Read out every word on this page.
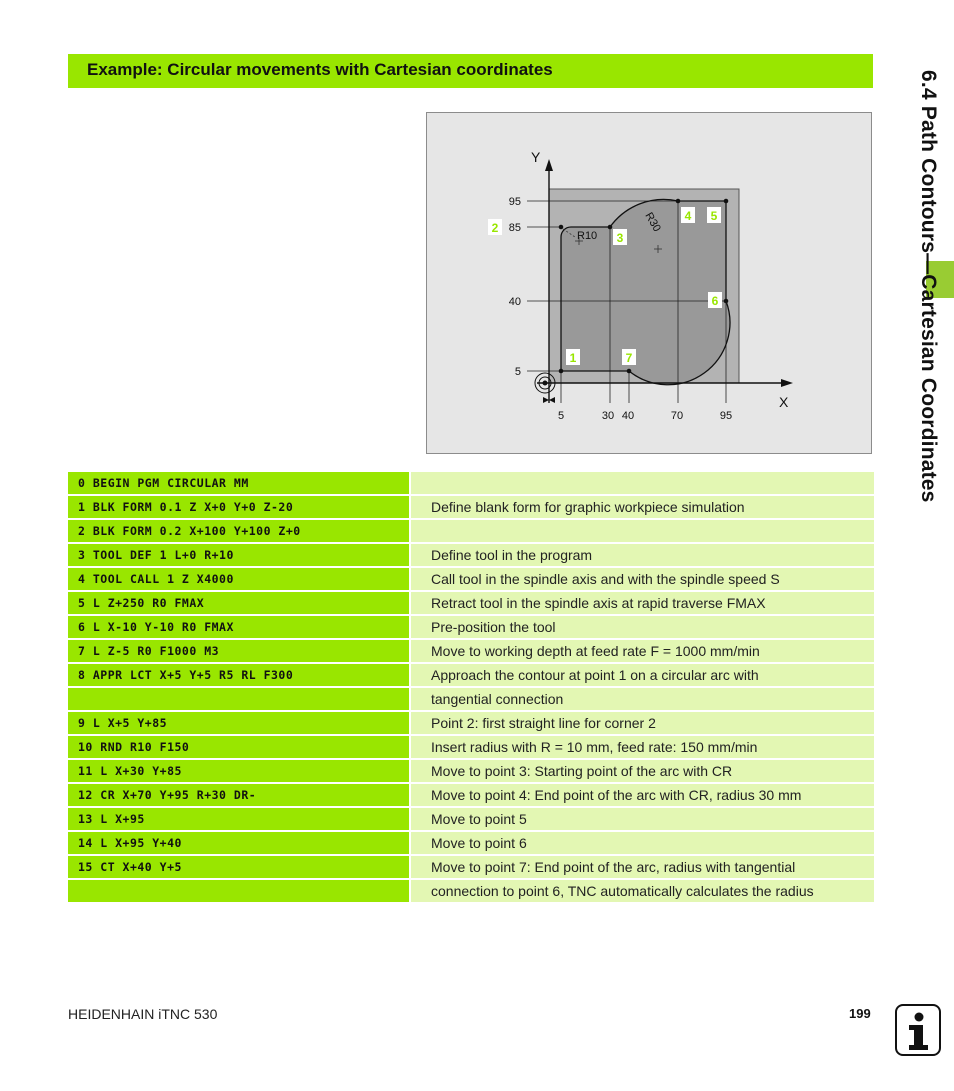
Example: Circular movements with Cartesian coordinates
Y
X
95
85
40
5
5	30 40	70	95
R10
R30
1
2
3
4 5
6
7
0 BEGIN PGM CIRCULAR MM
1 BLK FORM 0.1 Z X+0 Y+0 Z-20	Define blank form for graphic workpiece simulation
2 BLK FORM 0.2 X+100 Y+100 Z+0
3 TOOL DEF 1 L+0 R+10	Define tool in the program
4 TOOL CALL 1 Z X4000	Call tool in the spindle axis and with the spindle speed S
5 L Z+250 R0 FMAX	Retract tool in the spindle axis at rapid traverse FMAX
6 L X-10 Y-10 R0 FMAX	Pre-position the tool
7 L Z-5 R0 F1000 M3	Move to working depth at feed rate F = 1000 mm/min
8 APPR LCT X+5 Y+5 R5 RL F300	Approach the contour at point 1 on a circular arc with
tangential connection
9 L X+5 Y+85	Point 2: first straight line for corner 2
10 RND R10 F150	Insert radius with R = 10 mm, feed rate: 150 mm/min
11 L X+30 Y+85	Move to point 3: Starting point of the arc with CR
12 CR X+70 Y+95 R+30 DR-	Move to point 4: End point of the arc with CR, radius 30 mm
13 L X+95	Move to point 5
14 L X+95 Y+40	Move to point 6
15 CT X+40 Y+5	Move to point 7: End point of the arc, radius with tangential
connection to point 6, TNC automatically calculates the radius
6.4 Path Contours—Cartesian Coordinates
HEIDENHAIN iTNC 530	199
